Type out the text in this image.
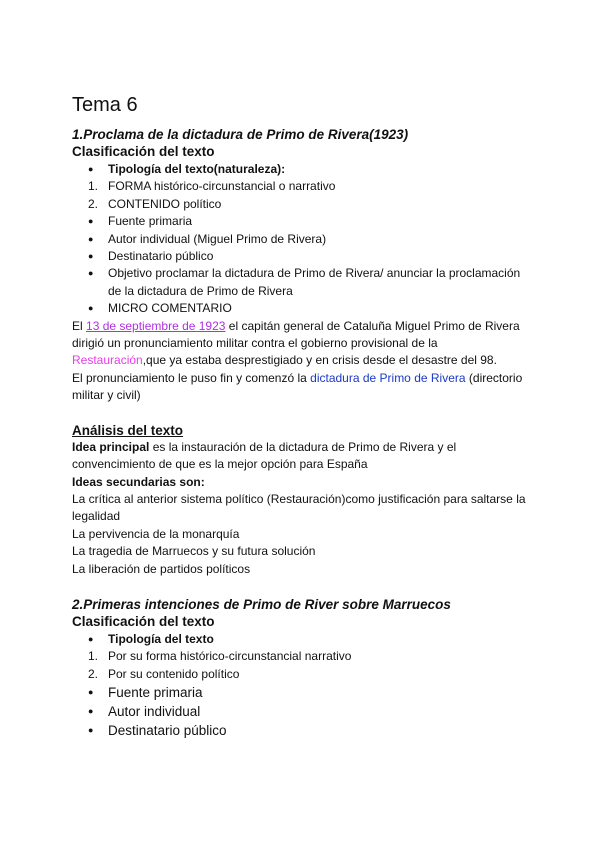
Tema 6
1.Proclama de la dictadura de Primo de Rivera(1923)
Clasificación del texto
●	Tipología del texto(naturaleza):
1. FORMA histórico-circunstancial o narrativo
2. CONTENIDO político
●	Fuente primaria
●	Autor individual (Miguel Primo de Rivera)
●	Destinatario público
●	Objetivo proclamar la dictadura de Primo de Rivera/ anunciar la proclamación de la dictadura de Primo de Rivera
●	MICRO COMENTARIO

El 13 de septiembre de 1923 el capitán general de Cataluña Miguel Primo de Rivera dirigió un pronunciamiento militar contra el gobierno provisional de la Restauración,que ya estaba desprestigiado y en crisis desde el desastre del 98.

El pronunciamiento le puso fin y comenzó la dictadura de Primo de Rivera (directorio militar y civil)

Análisis del texto

Idea principal es la instauración de la dictadura de Primo de Rivera y el convencimiento de que es la mejor opción para España

Ideas secundarias son:

La crítica al anterior sistema político (Restauración)como justificación para saltarse la legalidad

La pervivencia de la monarquía

La tragedia de Marruecos y su futura solución

La liberación de partidos políticos

2.Primeras intenciones de Primo de River sobre Marruecos
Clasificación del texto
●	Tipología del texto
1. Por su forma histórico-circunstancial narrativo
2. Por su contenido político
●	Fuente primaria
●	Autor individual
●	Destinatario público
